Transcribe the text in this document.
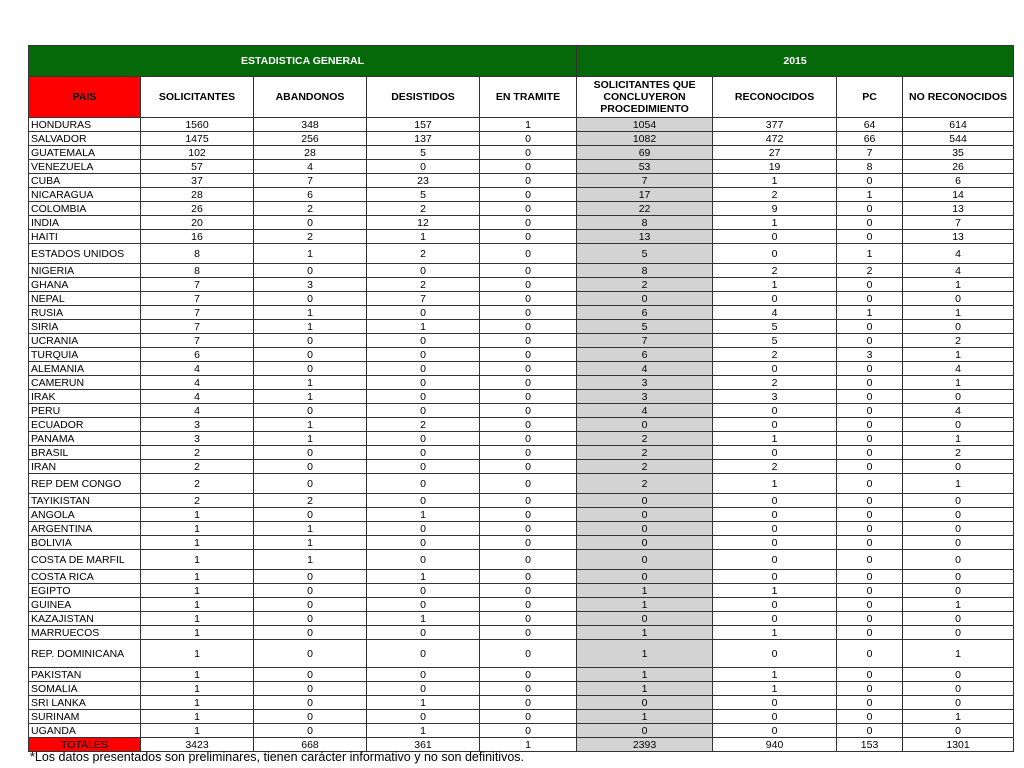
ESTADISTICA GENERAL					2015			
PAIS	SOLICITANTES	ABANDONOS	DESISTIDOS	EN TRAMITE	SOLICITANTES QUE CONCLUYERON PROCEDIMIENTO	RECONOCIDOS	PC	NO RECONOCIDOS
HONDURAS	1560	348	157	1	1054	377	64	614
SALVADOR	1475	256	137	0	1082	472	66	544
GUATEMALA	102	28	5	0	69	27	7	35
VENEZUELA	57	4	0	0	53	19	8	26
CUBA	37	7	23	0	7	1	0	6
NICARAGUA	28	6	5	0	17	2	1	14
COLOMBIA	26	2	2	0	22	9	0	13
INDIA	20	0	12	0	8	1	0	7
HAITI	16	2	1	0	13	0	0	13
ESTADOS UNIDOS	8	1	2	0	5	0	1	4
NIGERIA	8	0	0	0	8	2	2	4
GHANA	7	3	2	0	2	1	0	1
NEPAL	7	0	7	0	0	0	0	0
RUSIA	7	1	0	0	6	4	1	1
SIRIA	7	1	1	0	5	5	0	0
UCRANIA	7	0	0	0	7	5	0	2
TURQUIA	6	0	0	0	6	2	3	1
ALEMANIA	4	0	0	0	4	0	0	4
CAMERUN	4	1	0	0	3	2	0	1
IRAK	4	1	0	0	3	3	0	0
PERU	4	0	0	0	4	0	0	4
ECUADOR	3	1	2	0	0	0	0	0
PANAMA	3	1	0	0	2	1	0	1
BRASIL	2	0	0	0	2	0	0	2
IRAN	2	0	0	0	2	2	0	0
REP DEM CONGO	2	0	0	0	2	1	0	1
TAYIKISTAN	2	2	0	0	0	0	0	0
ANGOLA	1	0	1	0	0	0	0	0
ARGENTINA	1	1	0	0	0	0	0	0
BOLIVIA	1	1	0	0	0	0	0	0
COSTA DE MARFIL	1	1	0	0	0	0	0	0
COSTA RICA	1	0	1	0	0	0	0	0
EGIPTO	1	0	0	0	1	1	0	0
GUINEA	1	0	0	0	1	0	0	1
KAZAJISTAN	1	0	1	0	0	0	0	0
MARRUECOS	1	0	0	0	1	1	0	0
REP. DOMINICANA	1	0	0	0	1	0	0	1
PAKISTAN	1	0	0	0	1	1	0	0
SOMALIA	1	0	0	0	1	1	0	0
SRI LANKA	1	0	1	0	0	0	0	0
SURINAM	1	0	0	0	1	0	0	1
UGANDA	1	0	1	0	0	0	0	0
TOTALES	3423	668	361	1	2393	940	153	1301
*Los datos presentados son preliminares, tienen carácter informativo y no son definitivos.
